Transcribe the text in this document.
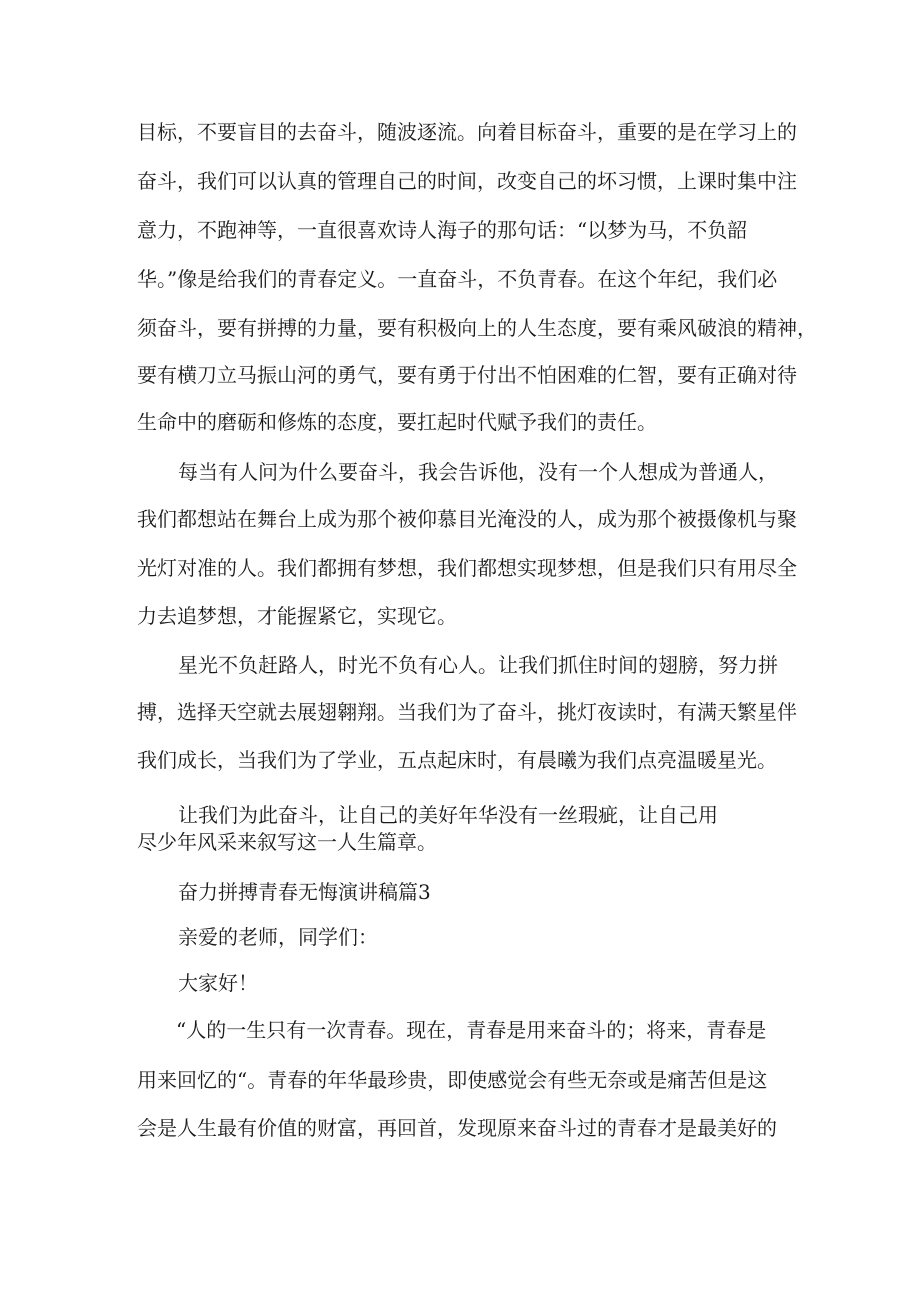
目标，不要盲目的去奋斗，随波逐流。向着目标奋斗，重要的是在学习上的
奋斗，我们可以认真的管理自己的时间，改变自己的坏习惯，上课时集中注
意力，不跑神等，一直很喜欢诗人海子的那句话：“以梦为马，不负韶
华。”像是给我们的青春定义。一直奋斗，不负青春。在这个年纪，我们必
须奋斗，要有拼搏的力量，要有积极向上的人生态度，要有乘风破浪的精神，
要有横刀立马振山河的勇气，要有勇于付出不怕困难的仁智，要有正确对待
生命中的磨砺和修炼的态度，要扛起时代赋予我们的责任。
每当有人问为什么要奋斗，我会告诉他，没有一个人想成为普通人，
我们都想站在舞台上成为那个被仰慕目光淹没的人，成为那个被摄像机与聚
光灯对准的人。我们都拥有梦想，我们都想实现梦想，但是我们只有用尽全
力去追梦想，才能握紧它，实现它。
星光不负赶路人，时光不负有心人。让我们抓住时间的翅膀，努力拼
搏，选择天空就去展翅翱翔。当我们为了奋斗，挑灯夜读时，有满天繁星伴
我们成长，当我们为了学业，五点起床时，有晨曦为我们点亮温暖星光。
让我们为此奋斗，让自己的美好年华没有一丝瑕疵，让自己用
尽少年风采来叙写这一人生篇章。
奋力拼搏青春无悔演讲稿篇3
亲爱的老师，同学们：
大家好！
“人的一生只有一次青春。现在，青春是用来奋斗的；将来，青春是
用来回忆的“。青春的年华最珍贵，即使感觉会有些无奈或是痛苦但是这
会是人生最有价值的财富，再回首，发现原来奋斗过的青春才是最美好的
